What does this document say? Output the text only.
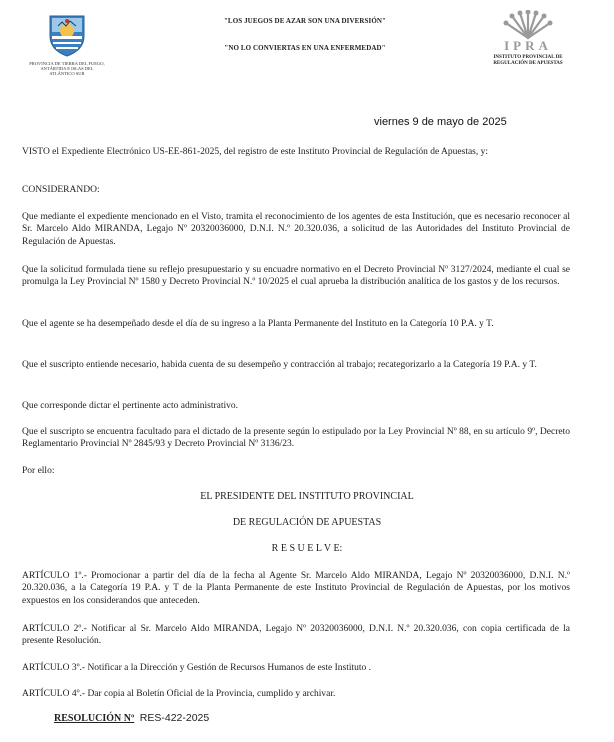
PROVINCIA DE TIERRA DEL FUEGO, ANTÁRTIDA E ISLAS DEL ATLÁNTICO SUR
"LOS JUEGOS DE AZAR SON UNA DIVERSIÓN"
"NO LO CONVIERTAS EN UNA ENFERMEDAD"	IPRA
INSTITUTO PROVINCIAL DE REGULACIÓN DE APUESTAS
viernes 9 de mayo de 2025
VISTO el Expediente Electrónico US-EE-861-2025, del registro de este Instituto Provincial de Regulación de Apuestas, y:
CONSIDERANDO:
Que mediante el expediente mencionado en el Visto, tramita el reconocimiento de los agentes de esta Institución, que es necesario reconocer al Sr. Marcelo Aldo MIRANDA, Legajo Nº 20320036000, D.N.I. N.º 20.320.036, a solicitud de las Autoridades del Instituto Provincial de Regulación de Apuestas.
Que la solicitud formulada tiene su reflejo presupuestario y su encuadre normativo en el Decreto Provincial Nº 3127/2024, mediante el cual se promulga la Ley Provincial Nº 1580 y Decreto Provincial N.º 10/2025 el cual aprueba la distribución analítica de los gastos y de los recursos.
Que el agente se ha desempeñado desde el día de su ingreso a la Planta Permanente del Instituto en la Categoría 10 P.A. y T.
Que el suscripto entiende necesario, habida cuenta de su desempeño y contracción al trabajo; recategorizarlo a la Categoría 19 P.A. y T.
Que corresponde dictar el pertinente acto administrativo.
Que el suscripto se encuentra facultado para el dictado de la presente según lo estipulado por la Ley Provincial Nº 88, en su artículo 9º, Decreto Reglamentario Provincial Nº 2845/93 y Decreto Provincial Nº 3136/23.
Por ello:
EL PRESIDENTE DEL INSTITUTO PROVINCIAL
DE REGULACIÓN DE APUESTAS
R E S U E L V E:
ARTÍCULO 1º.- Promocionar a partir del día de la fecha al Agente Sr. Marcelo Aldo MIRANDA, Legajo Nº 20320036000, D.N.I. N.º 20.320.036, a la Categoría 19 P.A. y T de la Planta Permanente de este Instituto Provincial de Regulación de Apuestas, por los motivos expuestos en los considerandos que anteceden.
ARTÍCULO 2º.- Notificar al Sr. Marcelo Aldo MIRANDA, Legajo Nº 20320036000, D.N.I. N.º 20.320.036, con copia certificada de la presente Resolución.
ARTÍCULO 3º.- Notificar a la Dirección y Gestión de Recursos Humanos de este Instituto .
ARTÍCULO 4º.- Dar copia al Boletín Oficial de la Provincia, cumplido y archivar.
RESOLUCIÓN Nº RES-422-2025
